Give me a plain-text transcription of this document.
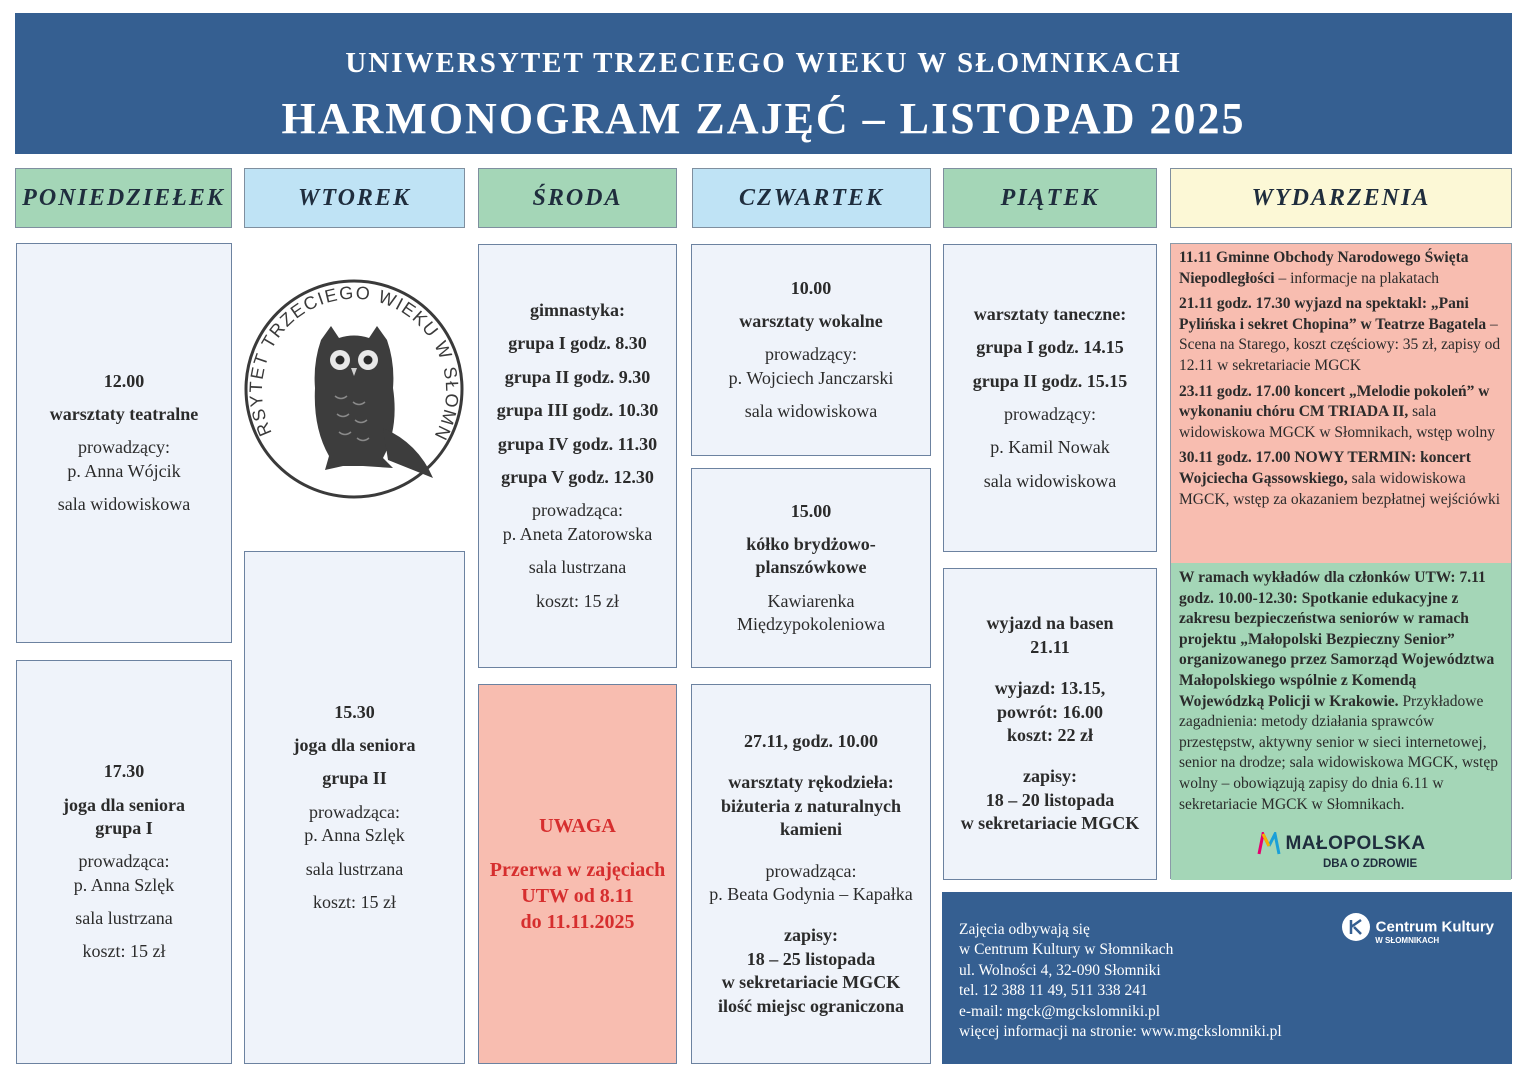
UNIWERSYTET TRZECIEGO WIEKU W SŁOMNIKACH
HARMONOGRAM ZAJĘĆ – LISTOPAD 2025
PONIEDZIEŁEK	WTOREK	ŚRODA	CZWARTEK	PIĄTEK	WYDARZENIA

12.00

warsztaty teatralne

prowadzący:

p. Anna Wójcik

sala widowiskowa

17.30

joga dla seniora

grupa I

prowadząca:

p. Anna Szlęk

sala lustrzana

koszt: 15 zł

RSYTET TRZECIEGO WIEKU W SŁOMN

15.30

joga dla seniora

grupa II

prowadząca:

p. Anna Szlęk

sala lustrzana

koszt: 15 zł

gimnastyka:

grupa I godz. 8.30

grupa II godz. 9.30

grupa III godz. 10.30

grupa IV godz. 11.30

grupa V godz. 12.30

prowadząca:

p. Aneta Zatorowska

sala lustrzana

koszt: 15 zł

UWAGA

Przerwa w zajęciach

UTW od 8.11

do 11.11.2025

10.00

warsztaty wokalne

prowadzący:

p. Wojciech Janczarski

sala widowiskowa

15.00

kółko brydżowo-

planszówkowe

Kawiarenka

Międzypokoleniowa

27.11, godz. 10.00

warsztaty rękodzieła:

biżuteria z naturalnych

kamieni

prowadząca:

p. Beata Godynia – Kapałka

zapisy:

18 – 25 listopada

w sekretariacie MGCK

ilość miejsc ograniczona

warsztaty taneczne:

grupa I godz. 14.15

grupa II godz. 15.15

prowadzący:

p. Kamil Nowak

sala widowiskowa

wyjazd na basen

21.11

wyjazd: 13.15,

powrót: 16.00

koszt: 22 zł

zapisy:

18 – 20 listopada

w sekretariacie MGCK

11.11 Gminne Obchody Narodowego Święta Niepodległości – informacje na plakatach

21.11 godz. 17.30 wyjazd na spektakl: „Pani Pylińska i sekret Chopina” w Teatrze Bagatela – Scena na Starego, koszt częściowy: 35 zł, zapisy od 12.11 w sekretariacie MGCK

23.11 godz. 17.00 koncert „Melodie pokoleń” w wykonaniu chóru CM TRIADA II, sala widowiskowa MGCK w Słomnikach, wstęp wolny

30.11 godz. 17.00 NOWY TERMIN: koncert Wojciecha Gąssowskiego, sala widowiskowa MGCK, wstęp za okazaniem bezpłatnej wejściówki

W ramach wykładów dla członków UTW: 7.11 godz. 10.00-12.30: Spotkanie edukacyjne z zakresu bezpieczeństwa seniorów w ramach projektu „Małopolski Bezpieczny Senior” organizowanego przez Samorząd Województwa Małopolskiego wspólnie z Komendą Wojewódzką Policji w Krakowie. Przykładowe zagadnienia: metody działania sprawców przestępstw, aktywny senior w sieci internetowej, senior na drodze; sala widowiskowa MGCK, wstęp wolny – obowiązują zapisy do dnia 6.11 w sekretariacie MGCK w Słomnikach.

MAŁOPOLSKA
DBA O ZDROWIE
Zajęcia odbywają się
w Centrum Kultury w Słomnikach
ul. Wolności 4, 32-090 Słomniki
tel. 12 388 11 49, 511 338 241
e-mail: mgck@mgckslomniki.pl
więcej informacji na stronie: www.mgckslomniki.pl
Centrum Kultury
W SŁOMNIKACH
